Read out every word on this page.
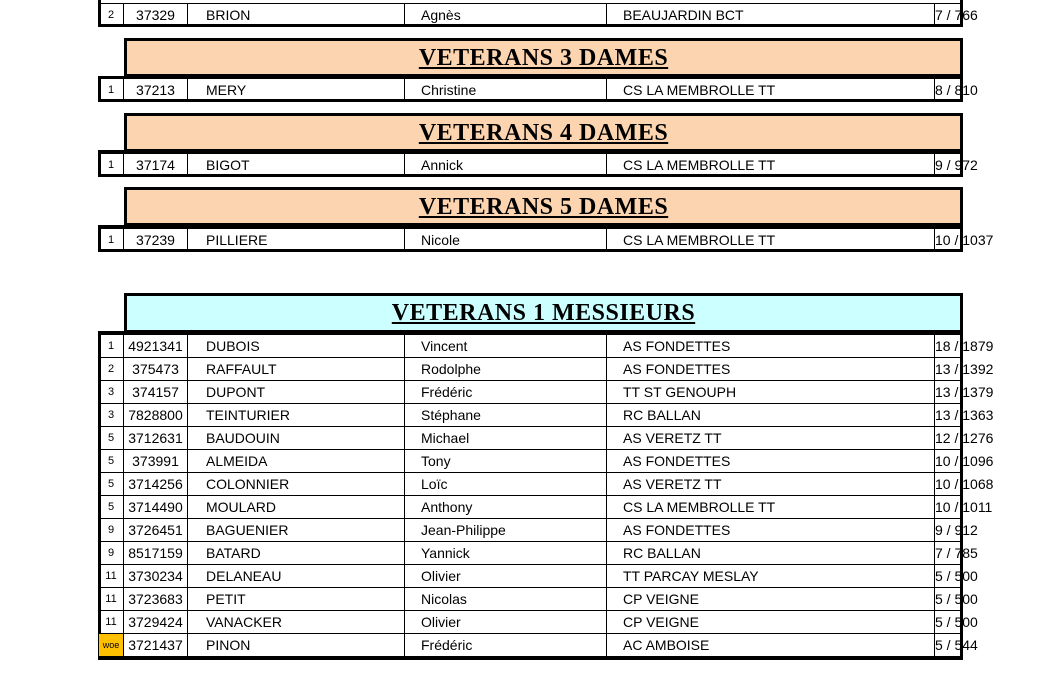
2	37329	BRION	Agnès	BEAUJARDIN BCT	7 / 766
VETERANS 3 DAMES
1	37213	MERY	Christine	CS LA MEMBROLLE TT	8 / 810
VETERANS 4 DAMES
1	37174	BIGOT	Annick	CS LA MEMBROLLE TT	9 / 972
VETERANS 5 DAMES
1	37239	PILLIERE	Nicole	CS LA MEMBROLLE TT	10 / 1037
VETERANS 1 MESSIEURS
1	4921341	DUBOIS	Vincent	AS FONDETTES	18 / 1879
2	375473	RAFFAULT	Rodolphe	AS FONDETTES	13 / 1392
3	374157	DUPONT	Frédéric	TT ST GENOUPH	13 / 1379
3	7828800	TEINTURIER	Stéphane	RC BALLAN	13 / 1363
5	3712631	BAUDOUIN	Michael	AS VERETZ TT	12 / 1276
5	373991	ALMEIDA	Tony	AS FONDETTES	10 / 1096
5	3714256	COLONNIER	Loïc	AS VERETZ TT	10 / 1068
5	3714490	MOULARD	Anthony	CS LA MEMBROLLE TT	10 / 1011
9	3726451	BAGUENIER	Jean-Philippe	AS FONDETTES	9 / 912
9	8517159	BATARD	Yannick	RC BALLAN	7 / 785
11	3730234	DELANEAU	Olivier	TT PARCAY MESLAY	5 / 500
11	3723683	PETIT	Nicolas	CP VEIGNE	5 / 500
11	3729424	VANACKER	Olivier	CP VEIGNE	5 / 500
woe	3721437	PINON	Frédéric	AC AMBOISE	5 / 544
